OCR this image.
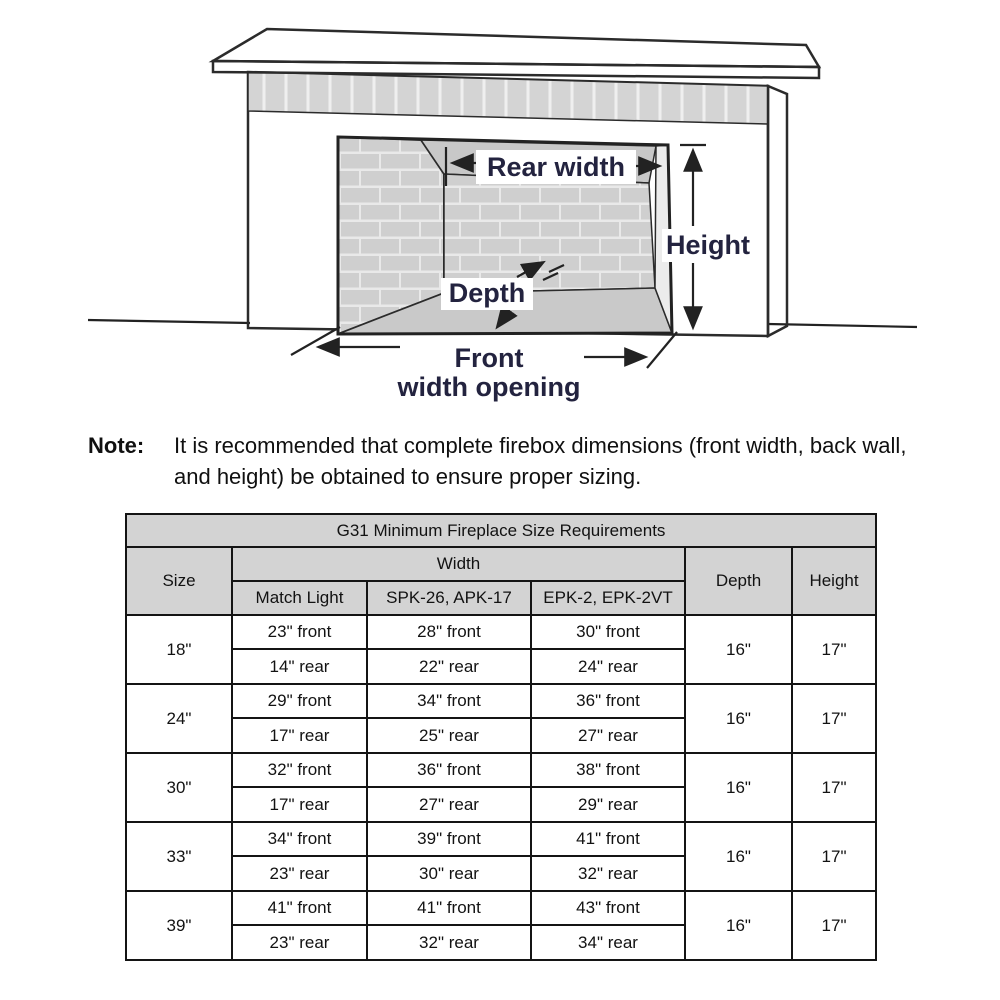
Rear width
Height
Depth
Front
width opening
Note:	It is recommended that complete firebox dimensions (front width, back wall, and height) be obtained to ensure proper sizing.
G31 Minimum Fireplace Size Requirements					
Size	Width			Depth	Height
	Match Light	SPK-26, APK-17	EPK-2, EPK-2VT		
18"	23" front	28" front	30" front	16"	17"
	14" rear	22" rear	24" rear		
24"	29" front	34" front	36" front	16"	17"
	17" rear	25" rear	27" rear		
30"	32" front	36" front	38" front	16"	17"
	17" rear	27" rear	29" rear		
33"	34" front	39" front	41" front	16"	17"
	23" rear	30" rear	32" rear		
39"	41" front	41" front	43" front	16"	17"
	23" rear	32" rear	34" rear		
